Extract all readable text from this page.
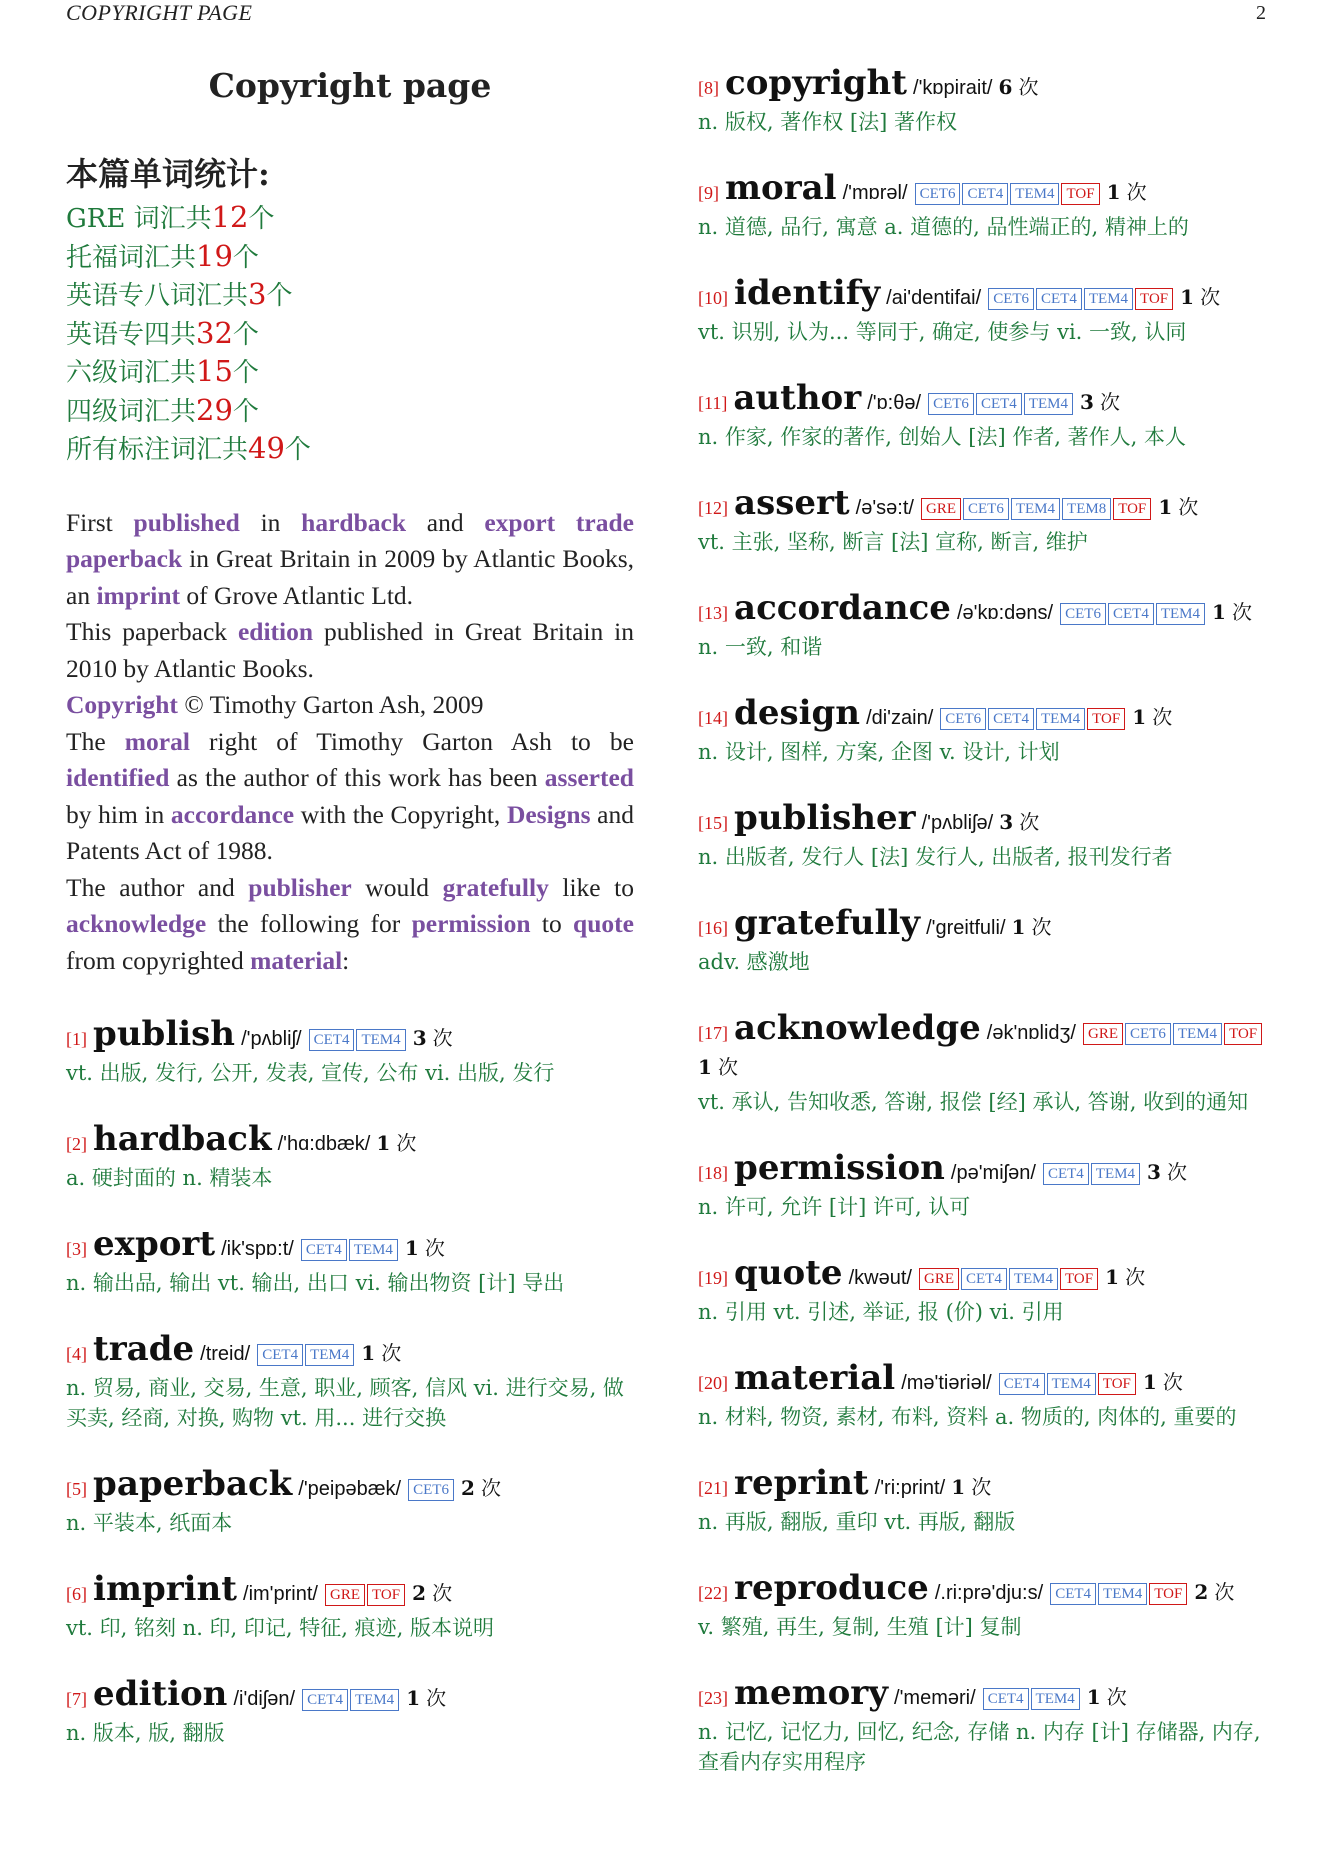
COPYRIGHT PAGE	2
Copyright page
本篇单词统计:
GRE 词汇共12个
托福词汇共19个
英语专八词汇共3个
英语专四共32个
六级词汇共15个
四级词汇共29个
所有标注词汇共49个

First published in hardback and export trade paperback in Great Britain in 2009 by Atlantic Books, an imprint of Grove Atlantic Ltd.

This paperback edition published in Great Britain in 2010 by Atlantic Books.

Copyright © Timothy Garton Ash, 2009

The moral right of Timothy Garton Ash to be identified as the author of this work has been asserted by him in accordance with the Copyright, Designs and Patents Act of 1988.

The author and publisher would gratefully like to acknowledge the following for permission to quote from copyrighted material:

[1] publish /'pʌbliʃ/ CET4 TEM4 3 次
vt. 出版, 发行, 公开, 发表, 宣传, 公布 vi. 出版, 发行
[2] hardback /'hɑ:dbæk/ 1 次
a. 硬封面的 n. 精装本
[3] export /ik'spɒ:t/ CET4 TEM4 1 次
n. 输出品, 输出 vt. 输出, 出口 vi. 输出物资 [计] 导出
[4] trade /treid/ CET4 TEM4 1 次
n. 贸易, 商业, 交易, 生意, 职业, 顾客, 信风 vi. 进行交易, 做买卖, 经商, 对换, 购物 vt. 用... 进行交换
[5] paperback /'peipəbæk/ CET6 2 次
n. 平装本, 纸面本
[6] imprint /im'print/ GRE TOF 2 次
vt. 印, 铭刻 n. 印, 印记, 特征, 痕迹, 版本说明
[7] edition /i'diʃən/ CET4 TEM4 1 次
n. 版本, 版, 翻版
[8] copyright /'kɒpirait/ 6 次
n. 版权, 著作权 [法] 著作权
[9] moral /'mɒrəl/ CET6 CET4 TEM4 TOF 1 次
n. 道德, 品行, 寓意 a. 道德的, 品性端正的, 精神上的
[10] identify /ai'dentifai/ CET6 CET4 TEM4 TOF 1 次
vt. 识别, 认为... 等同于, 确定, 使参与 vi. 一致, 认同
[11] author /'ɒ:θə/ CET6 CET4 TEM4 3 次
n. 作家, 作家的著作, 创始人 [法] 作者, 著作人, 本人
[12] assert /ə'sə:t/ GRE CET6 TEM4 TEM8 TOF 1 次
vt. 主张, 坚称, 断言 [法] 宣称, 断言, 维护
[13] accordance /ə'kɒ:dəns/ CET6 CET4 TEM4 1 次
n. 一致, 和谐
[14] design /di'zain/ CET6 CET4 TEM4 TOF 1 次
n. 设计, 图样, 方案, 企图 v. 设计, 计划
[15] publisher /'pʌbliʃə/ 3 次
n. 出版者, 发行人 [法] 发行人, 出版者, 报刊发行者
[16] gratefully /'greitfuli/ 1 次
adv. 感激地
[17] acknowledge /ək'nɒlidʒ/ GRE CET6 TEM4 TOF 1 次
vt. 承认, 告知收悉, 答谢, 报偿 [经] 承认, 答谢, 收到的通知
[18] permission /pə'miʃən/ CET4 TEM4 3 次
n. 许可, 允许 [计] 许可, 认可
[19] quote /kwəut/ GRE CET4 TEM4 TOF 1 次
n. 引用 vt. 引述, 举证, 报 (价) vi. 引用
[20] material /mə'tiəriəl/ CET4 TEM4 TOF 1 次
n. 材料, 物资, 素材, 布料, 资料 a. 物质的, 肉体的, 重要的
[21] reprint /'ri:print/ 1 次
n. 再版, 翻版, 重印 vt. 再版, 翻版
[22] reproduce /.ri:prə'dju:s/ CET4 TEM4 TOF 2 次
v. 繁殖, 再生, 复制, 生殖 [计] 复制
[23] memory /'meməri/ CET4 TEM4 1 次
n. 记忆, 记忆力, 回忆, 纪念, 存储 n. 内存 [计] 存储器, 内存, 查看内存实用程序
